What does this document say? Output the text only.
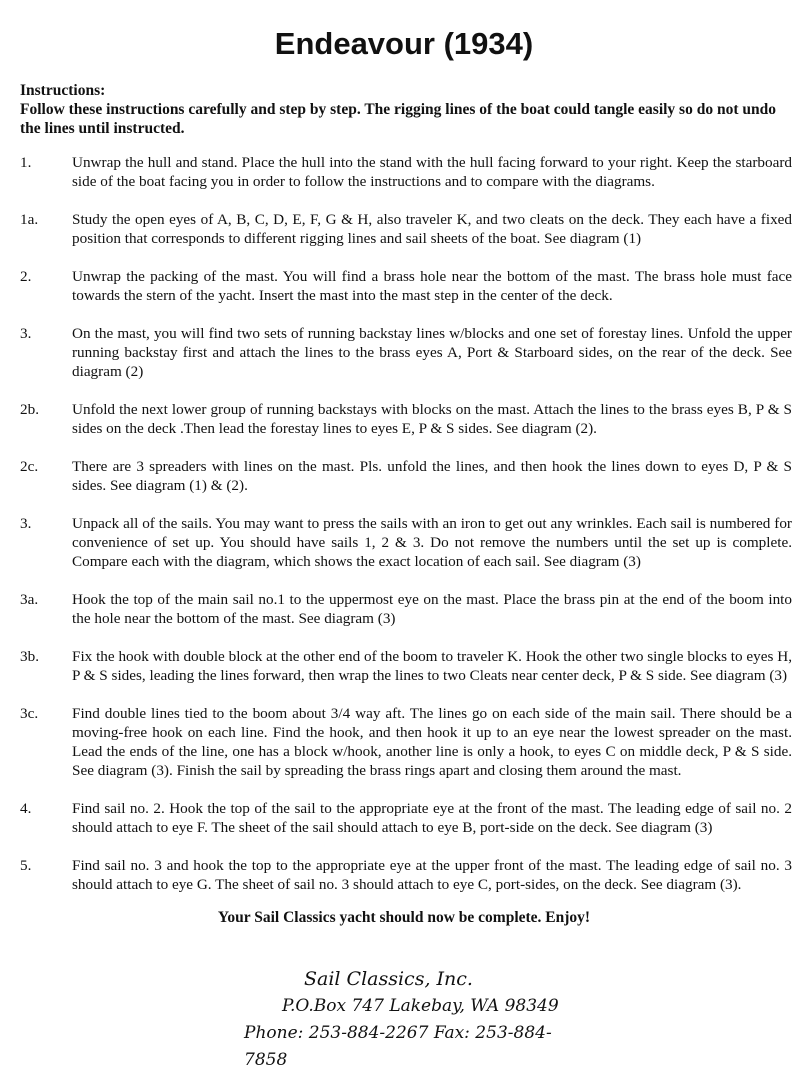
Endeavour (1934)
Instructions:
Follow these instructions carefully and step by step. The rigging lines of the boat could tangle easily so do not undo the lines until instructed.
1.	Unwrap the hull and stand. Place the hull into the stand with the hull facing forward to your right. Keep the starboard side of the boat facing you in order to follow the instructions and to compare with the diagrams.
1a.	Study the open eyes of A, B, C, D, E, F, G & H, also traveler K, and two cleats on the deck. They each have a fixed position that corresponds to different rigging lines and sail sheets of the boat. See diagram (1)
2.	Unwrap the packing of the mast. You will find a brass hole near the bottom of the mast. The brass hole must face towards the stern of the yacht. Insert the mast into the mast step in the center of the deck.
3.	On the mast, you will find two sets of running backstay lines w/blocks and one set of forestay lines. Unfold the upper running backstay first and attach the lines to the brass eyes A, Port & Starboard sides, on the rear of the deck. See diagram (2)
2b.	Unfold the next lower group of running backstays with blocks on the mast. Attach the lines to the brass eyes B, P & S sides on the deck .Then lead the forestay lines to eyes E, P & S sides. See diagram (2).
2c.	There are 3 spreaders with lines on the mast. Pls. unfold the lines, and then hook the lines down to eyes D, P & S sides. See diagram (1) & (2).
3.	Unpack all of the sails. You may want to press the sails with an iron to get out any wrinkles. Each sail is numbered for convenience of set up. You should have sails 1, 2 & 3. Do not remove the numbers until the set up is complete. Compare each with the diagram, which shows the exact location of each sail. See diagram (3)
3a.	Hook the top of the main sail no.1 to the uppermost eye on the mast. Place the brass pin at the end of the boom into the hole near the bottom of the mast. See diagram (3)
3b.	Fix the hook with double block at the other end of the boom to traveler K. Hook the other two single blocks to eyes H, P & S sides, leading the lines forward, then wrap the lines to two Cleats near center deck, P & S side. See diagram (3)
3c.	Find double lines tied to the boom about 3/4 way aft. The lines go on each side of the main sail. There should be a moving-free hook on each line. Find the hook, and then hook it up to an eye near the lowest spreader on the mast. Lead the ends of the line, one has a block w/hook, another line is only a hook, to eyes C on middle deck, P & S side. See diagram (3). Finish the sail by spreading the brass rings apart and closing them around the mast.
4.	Find sail no. 2. Hook the top of the sail to the appropriate eye at the front of the mast. The leading edge of sail no. 2 should attach to eye F. The sheet of the sail should attach to eye B, port-side on the deck. See diagram (3)
5.	Find sail no. 3 and hook the top to the appropriate eye at the upper front of the mast. The leading edge of sail no. 3 should attach to eye G. The sheet of sail no. 3 should attach to eye C, port-sides, on the deck. See diagram (3).
Your Sail Classics yacht should now be complete. Enjoy!
Sail Classics, Inc.
P.O.Box 747 Lakebay, WA 98349
Phone: 253-884-2267 Fax: 253-884-7858
